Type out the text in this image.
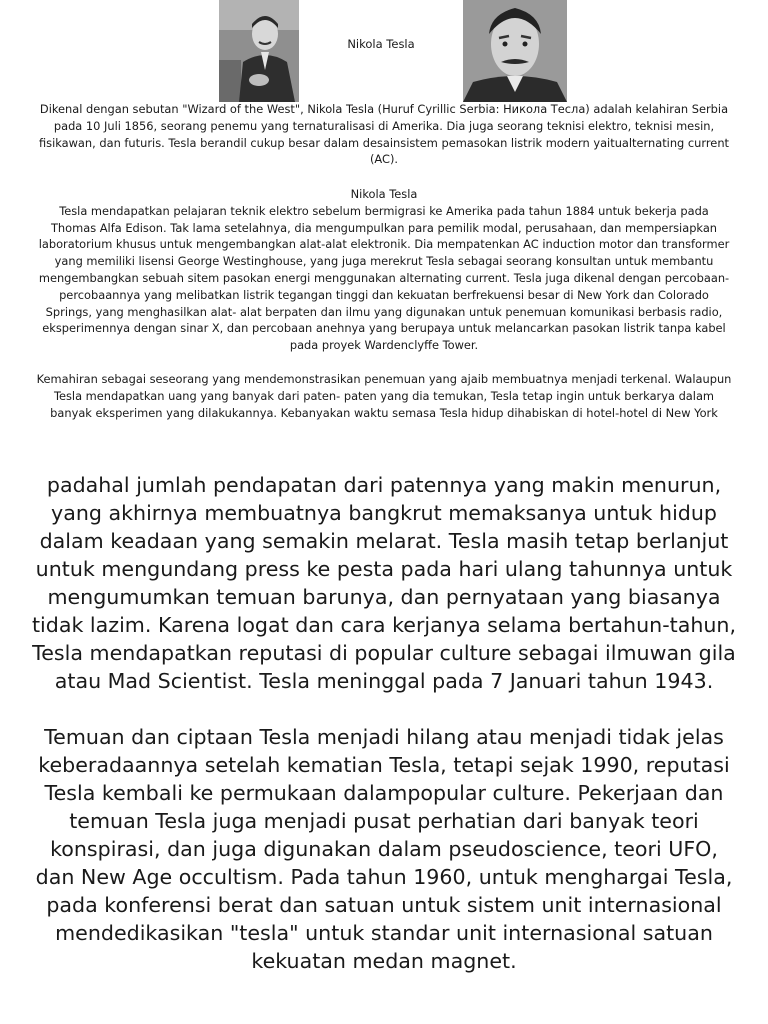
Nikola Tesla

Dikenal dengan sebutan "Wizard of the West", Nikola Tesla (Huruf Cyrillic Serbia: Никола Тесла) adalah kelahiran Serbia pada 10 Juli 1856, seorang penemu yang ternaturalisasi di Amerika. Dia juga seorang teknisi elektro, teknisi mesin, fisikawan, dan futuris. Tesla berandil cukup besar dalam desainsistem pemasokan listrik modern yaitualternating current (AC).

Nikola Tesla

Tesla mendapatkan pelajaran teknik elektro sebelum bermigrasi ke Amerika pada tahun 1884 untuk bekerja pada Thomas Alfa Edison. Tak lama setelahnya, dia mengumpulkan para pemilik modal, perusahaan, dan mempersiapkan laboratorium khusus untuk mengembangkan alat-alat elektronik. Dia mempatenkan AC induction motor dan transformer yang memiliki lisensi George Westinghouse, yang juga merekrut Tesla sebagai seorang konsultan untuk membantu mengembangkan sebuah sitem pasokan energi menggunakan alternating current. Tesla juga dikenal dengan percobaan-percobaannya yang melibatkan listrik tegangan tinggi dan kekuatan berfrekuensi besar di New York dan Colorado Springs, yang menghasilkan alat- alat berpaten dan ilmu yang digunakan untuk penemuan komunikasi berbasis radio, eksperimennya dengan sinar X, dan percobaan anehnya yang berupaya untuk melancarkan pasokan listrik tanpa kabel pada proyek Wardenclyffe Tower.

Kemahiran sebagai seseorang yang mendemonstrasikan penemuan yang ajaib membuatnya menjadi terkenal. Walaupun Tesla mendapatkan uang yang banyak dari paten- paten yang dia temukan, Tesla tetap ingin untuk berkarya dalam banyak eksperimen yang dilakukannya. Kebanyakan waktu semasa Tesla hidup dihabiskan di hotel-hotel di New York

padahal jumlah pendapatan dari patennya yang makin menurun, yang akhirnya membuatnya bangkrut memaksanya untuk hidup dalam keadaan yang semakin melarat. Tesla masih tetap berlanjut untuk mengundang press ke pesta pada hari ulang tahunnya untuk mengumumkan temuan barunya, dan pernyataan yang biasanya tidak lazim. Karena logat dan cara kerjanya selama bertahun-tahun, Tesla mendapatkan reputasi di popular culture sebagai ilmuwan gila atau Mad Scientist. Tesla meninggal pada 7 Januari tahun 1943.

Temuan dan ciptaan Tesla menjadi hilang atau menjadi tidak jelas keberadaannya setelah kematian Tesla, tetapi sejak 1990, reputasi Tesla kembali ke permukaan dalampopular culture. Pekerjaan dan temuan Tesla juga menjadi pusat perhatian dari banyak teori konspirasi, dan juga digunakan dalam pseudoscience, teori UFO, dan New Age occultism. Pada tahun 1960, untuk menghargai Tesla, pada konferensi berat dan satuan untuk sistem unit internasional mendedikasikan "tesla" untuk standar unit internasional satuan kekuatan medan magnet.
